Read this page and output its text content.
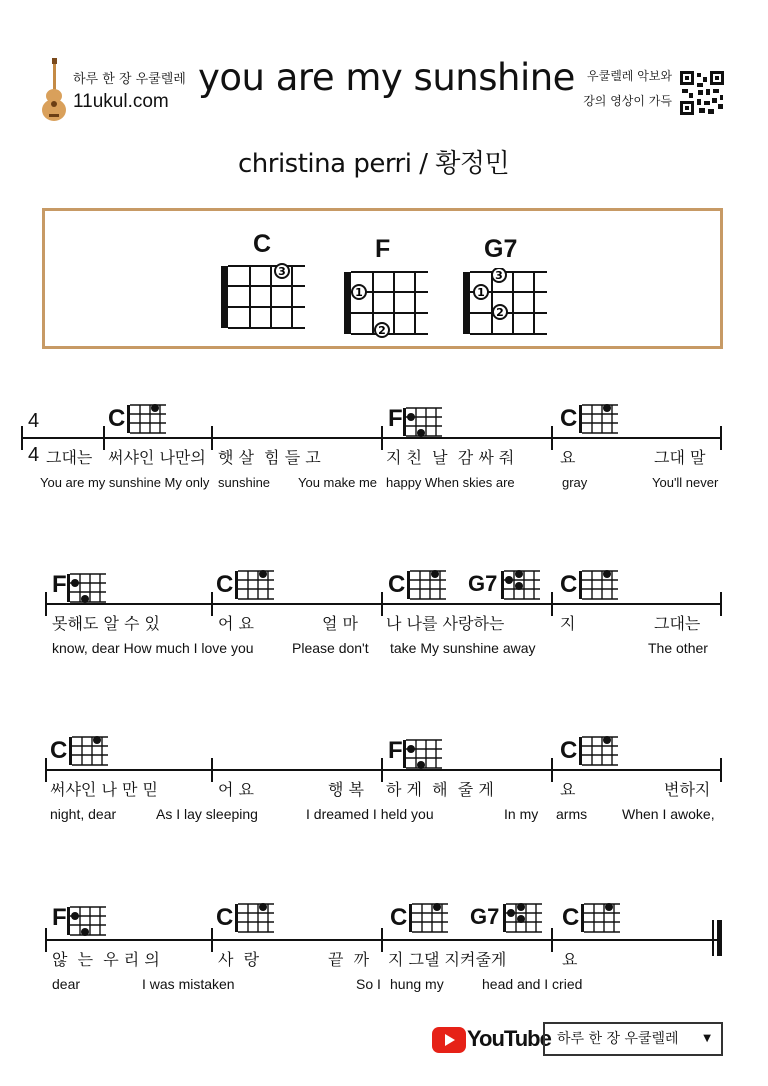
하루 한 장 우쿨렐레
11ukul.com
you are my sunshine
christina perri / 황정민
우쿨렐레 악보와
강의 영상이 가득
C	F	G7
3
1
2
3
1
2
4
4
C	F	C
그대는 써샤인 나만의 햇 살  힘 들 고	지 친  날  감 싸 줘	요	그대 말
You are my sunshine My only sunshine You make me happy When skies are	gray	You'll never
F	C	C	G7	C
못해도 알 수 있	어 요	얼 마 나 나를 사랑하는	지	그대는
know, dear How much I love you	Please don't take My sunshine away	The other
C	F	C
써샤인 나 만 믿	어 요	행 복 하 게  해  줄 게	요	변하지
night, dear	As I lay sleeping	I dreamed I held you	In my arms When I awoke,
F	C	C	G7	C
않  는  우 리 의	사  랑	끝  까 지 그댈 지켜줄게	요
dear	I was mistaken	So I hung my	head and I cried
YouTube 하루 한 장 우쿨렐레 ▼
